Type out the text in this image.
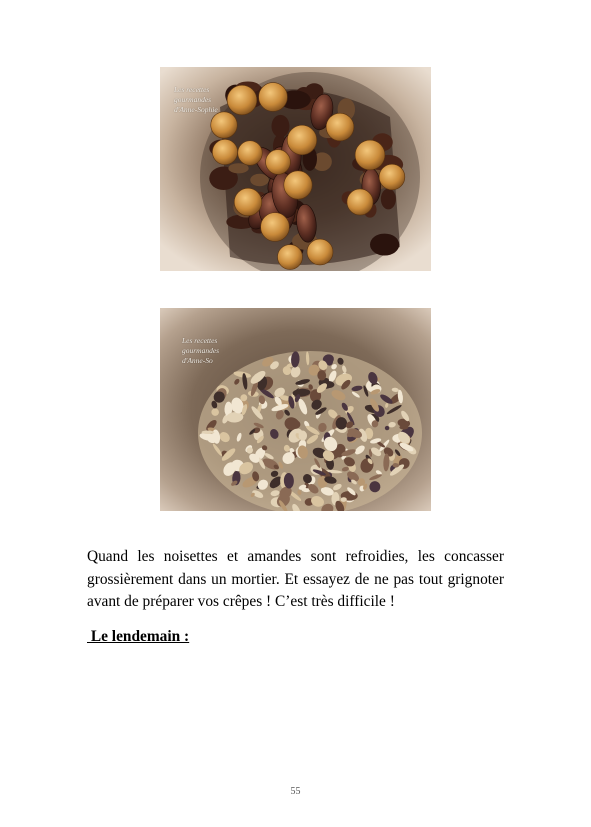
Les recettes
gourmandes
d'Anne-Sophie
Les recettes
gourmandes
d'Anne-So
Quand les noisettes et amandes sont refroidies, les concasser grossièrement dans un mortier. Et essayez de ne pas tout grignoter avant de préparer vos crêpes ! C’est très difficile !
Le lendemain :
55
